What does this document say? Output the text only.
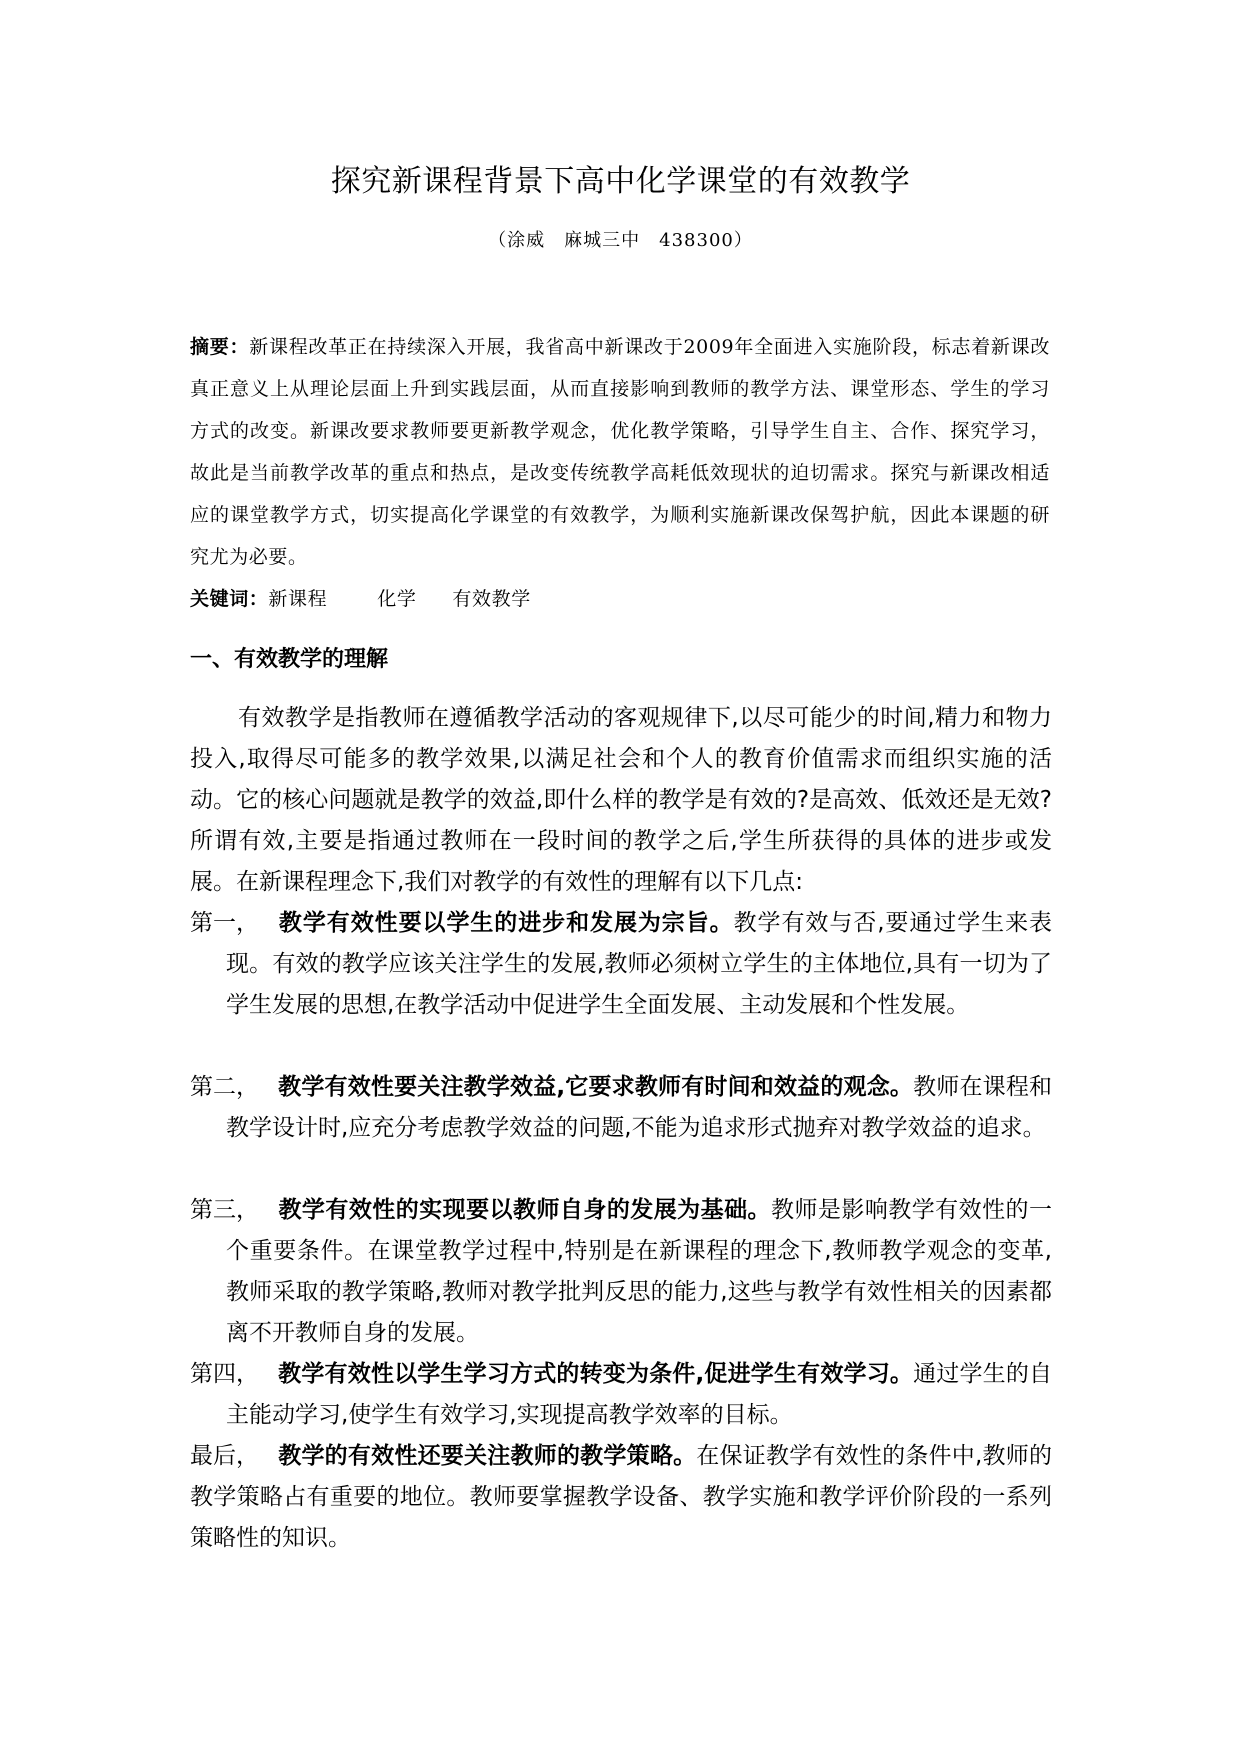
探究新课程背景下高中化学课堂的有效教学
（涂威　麻城三中　438300）
摘要：新课程改革正在持续深入开展，我省高中新课改于2009年全面进入实施阶段，标志着新课改真正意义上从理论层面上升到实践层面，从而直接影响到教师的教学方法、课堂形态、学生的学习方式的改变。新课改要求教师要更新教学观念，优化教学策略，引导学生自主、合作、探究学习，故此是当前教学改革的重点和热点，是改变传统教学高耗低效现状的迫切需求。探究与新课改相适应的课堂教学方式，切实提高化学课堂的有效教学，为顺利实施新课改保驾护航，因此本课题的研究尤为必要。
关键词：新课程	化学 有效教学
一、有效教学的理解
有效教学是指教师在遵循教学活动的客观规律下,以尽可能少的时间,精力和物力投入,取得尽可能多的教学效果,以满足社会和个人的教育价值需求而组织实施的活动。它的核心问题就是教学的效益,即什么样的教学是有效的?是高效、低效还是无效?所谓有效,主要是指通过教师在一段时间的教学之后,学生所获得的具体的进步或发展。在新课程理念下,我们对教学的有效性的理解有以下几点:
第一， 教学有效性要以学生的进步和发展为宗旨。教学有效与否,要通过学生来表现。有效的教学应该关注学生的发展,教师必须树立学生的主体地位,具有一切为了学生发展的思想,在教学活动中促进学生全面发展、主动发展和个性发展。
第二， 教学有效性要关注教学效益,它要求教师有时间和效益的观念。教师在课程和教学设计时,应充分考虑教学效益的问题,不能为追求形式抛弃对教学效益的追求。
第三， 教学有效性的实现要以教师自身的发展为基础。教师是影响教学有效性的一个重要条件。在课堂教学过程中,特别是在新课程的理念下,教师教学观念的变革,教师采取的教学策略,教师对教学批判反思的能力,这些与教学有效性相关的因素都离不开教师自身的发展。
第四， 教学有效性以学生学习方式的转变为条件,促进学生有效学习。通过学生的自主能动学习,使学生有效学习,实现提高教学效率的目标。
最后， 教学的有效性还要关注教师的教学策略。在保证教学有效性的条件中,教师的教学策略占有重要的地位。教师要掌握教学设备、教学实施和教学评价阶段的一系列策略性的知识。
